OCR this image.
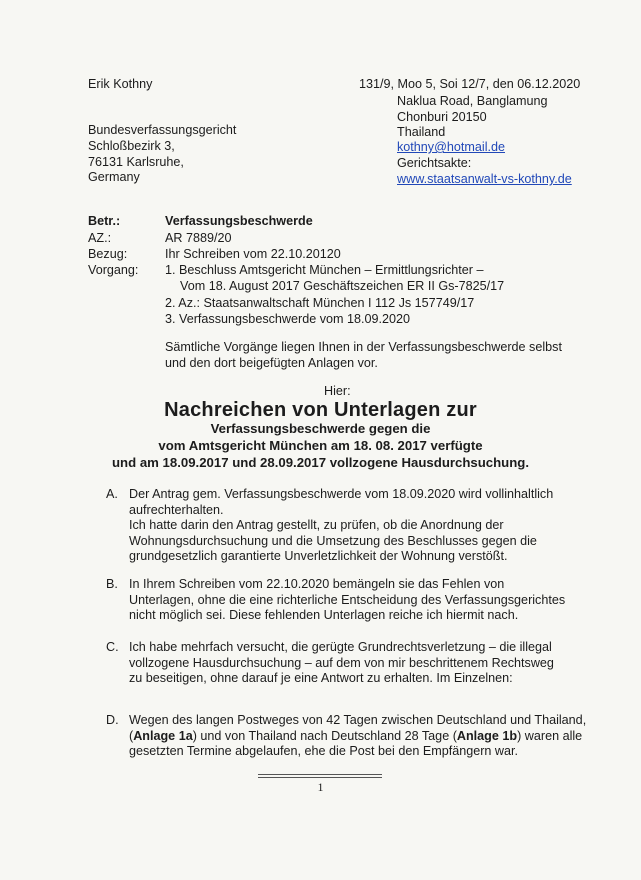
Erik Kothny	131/9, Moo 5, Soi 12/7, den 06.12.2020
Naklua Road, Banglamung
Chonburi 20150
Thailand
kothny@hotmail.de
Gerichtsakte:
www.staatsanwalt-vs-kothny.de
Bundesverfassungsgericht
Schloßbezirk 3,
76131 Karlsruhe,
Germany
Betr.:	Verfassungsbeschwerde
AZ.:	AR 7889/20
Bezug:	Ihr Schreiben vom 22.10.20120
Vorgang: 1. Beschluss Amtsgericht München – Ermittlungsrichter –
Vom 18. August 2017 Geschäftszeichen ER II Gs-7825/17
2. Az.: Staatsanwaltschaft München I 112 Js 157749/17
3. Verfassungsbeschwerde vom 18.09.2020
Sämtliche Vorgänge liegen Ihnen in der Verfassungsbeschwerde selbst
und den dort beigefügten Anlagen vor.
Hier:
Nachreichen von Unterlagen zur
Verfassungsbeschwerde gegen die
vom Amtsgericht München am 18. 08. 2017 verfügte
und am 18.09.2017 und 28.09.2017 vollzogene Hausdurchsuchung.
A. Der Antrag gem. Verfassungsbeschwerde vom 18.09.2020 wird vollinhaltlich aufrechterhalten.
Ich hatte darin den Antrag gestellt, zu prüfen, ob die Anordnung der Wohnungsdurchsuchung und die Umsetzung des Beschlusses gegen die grundgesetzlich garantierte Unverletzlichkeit der Wohnung verstößt.
B. In Ihrem Schreiben vom 22.10.2020 bemängeln sie das Fehlen von Unterlagen, ohne die eine richterliche Entscheidung des Verfassungsgerichtes nicht möglich sei. Diese fehlenden Unterlagen reiche ich hiermit nach.
C. Ich habe mehrfach versucht, die gerügte Grundrechtsverletzung – die illegal vollzogene Hausdurchsuchung – auf dem von mir beschrittenem Rechtsweg zu beseitigen, ohne darauf je eine Antwort zu erhalten. Im Einzelnen:
D. Wegen des langen Postweges von 42 Tagen zwischen Deutschland und Thailand, (Anlage 1a) und von Thailand nach Deutschland 28 Tage (Anlage 1b) waren alle gesetzten Termine abgelaufen, ehe die Post bei den Empfängern war.
1
